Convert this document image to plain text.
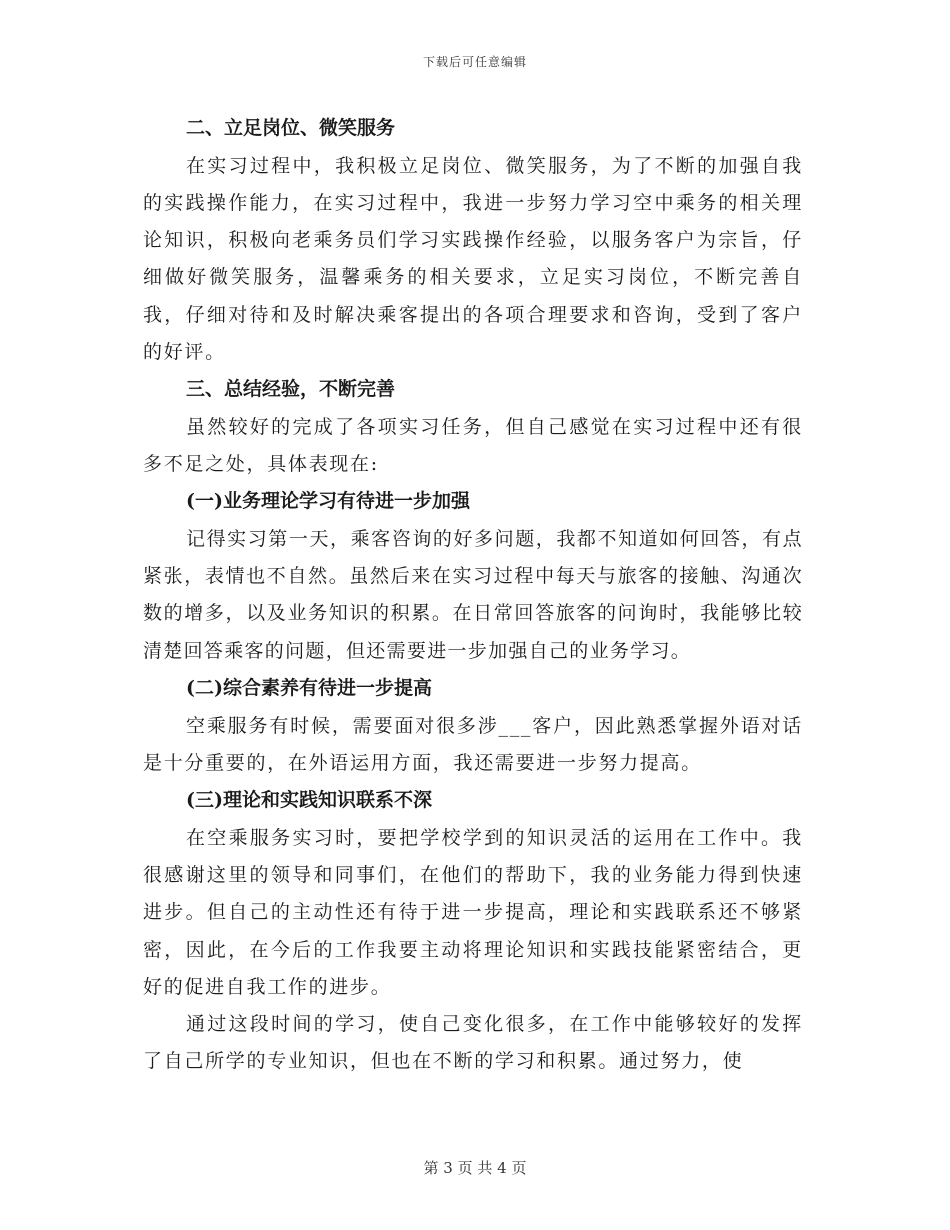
下载后可任意编辑

二、立足岗位、微笑服务

在实习过程中，我积极立足岗位、微笑服务，为了不断的加强自我的实践操作能力，在实习过程中，我进一步努力学习空中乘务的相关理论知识，积极向老乘务员们学习实践操作经验，以服务客户为宗旨，仔细做好微笑服务，温馨乘务的相关要求，立足实习岗位，不断完善自我，仔细对待和及时解决乘客提出的各项合理要求和咨询，受到了客户的好评。

三、总结经验，不断完善

虽然较好的完成了各项实习任务，但自己感觉在实习过程中还有很多不足之处，具体表现在:

(一)业务理论学习有待进一步加强

记得实习第一天，乘客咨询的好多问题，我都不知道如何回答，有点紧张，表情也不自然。虽然后来在实习过程中每天与旅客的接触、沟通次数的增多，以及业务知识的积累。在日常回答旅客的问询时，我能够比较清楚回答乘客的问题，但还需要进一步加强自己的业务学习。

(二)综合素养有待进一步提高

空乘服务有时候，需要面对很多涉___客户，因此熟悉掌握外语对话是十分重要的，在外语运用方面，我还需要进一步努力提高。

(三)理论和实践知识联系不深

在空乘服务实习时，要把学校学到的知识灵活的运用在工作中。我很感谢这里的领导和同事们，在他们的帮助下，我的业务能力得到快速进步。但自己的主动性还有待于进一步提高，理论和实践联系还不够紧密，因此，在今后的工作我要主动将理论知识和实践技能紧密结合，更好的促进自我工作的进步。

通过这段时间的学习，使自己变化很多，在工作中能够较好的发挥了自己所学的专业知识，但也在不断的学习和积累。通过努力，使

第 3 页 共 4 页
